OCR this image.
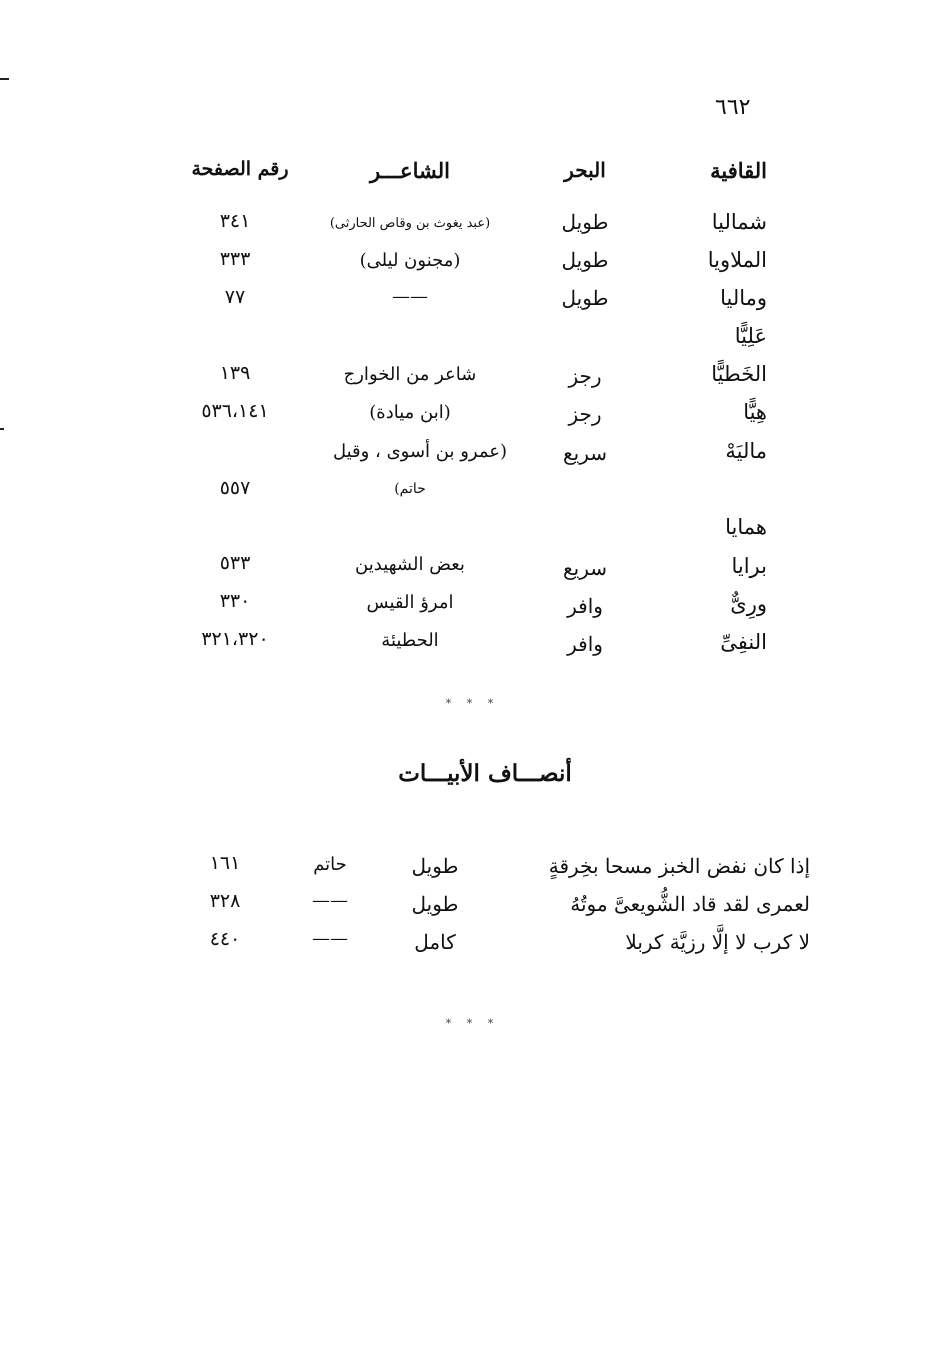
٦٦٢
القافية
البحر
الشاعـــر
رقم الصفحة
شماليا
طويل
(عبد يغوث بن وقاص الحارثى)
٣٤١
الملاويا
طويل
(مجنون ليلى)
٣٣٣
وماليا
طويل
——
٧٧
عَلِيًّا
الخَطيًّا
رجز
شاعر من الخوارج
١٣٩
هِيًّا
رجز
(ابن ميادة)
٥٣٦،١٤١
ماليَهْ
سريع
(عمرو بن أسوى ، وقيل
حاتم)
٥٥٧
همايا
برايا
سريع
بعض الشهيدين
٥٣٣
ورِىٌّ
وافر
امرؤ القيس
٣٣٠
النفِىِّ
وافر
الحطيئة
٣٢١،٣٢٠
* * *
أنصـــاف الأبيـــات
إذا كان نفض الخبز مسحا بخِرقةٍ
طويل
حاتم
١٦١
لعمرى لقد قاد الشُّويعىَّ موتُهُ
طويل
——
٣٢٨
لا كرب لا إلَّا رزيَّة كربلا
كامل
——
٤٤٠
* * *
